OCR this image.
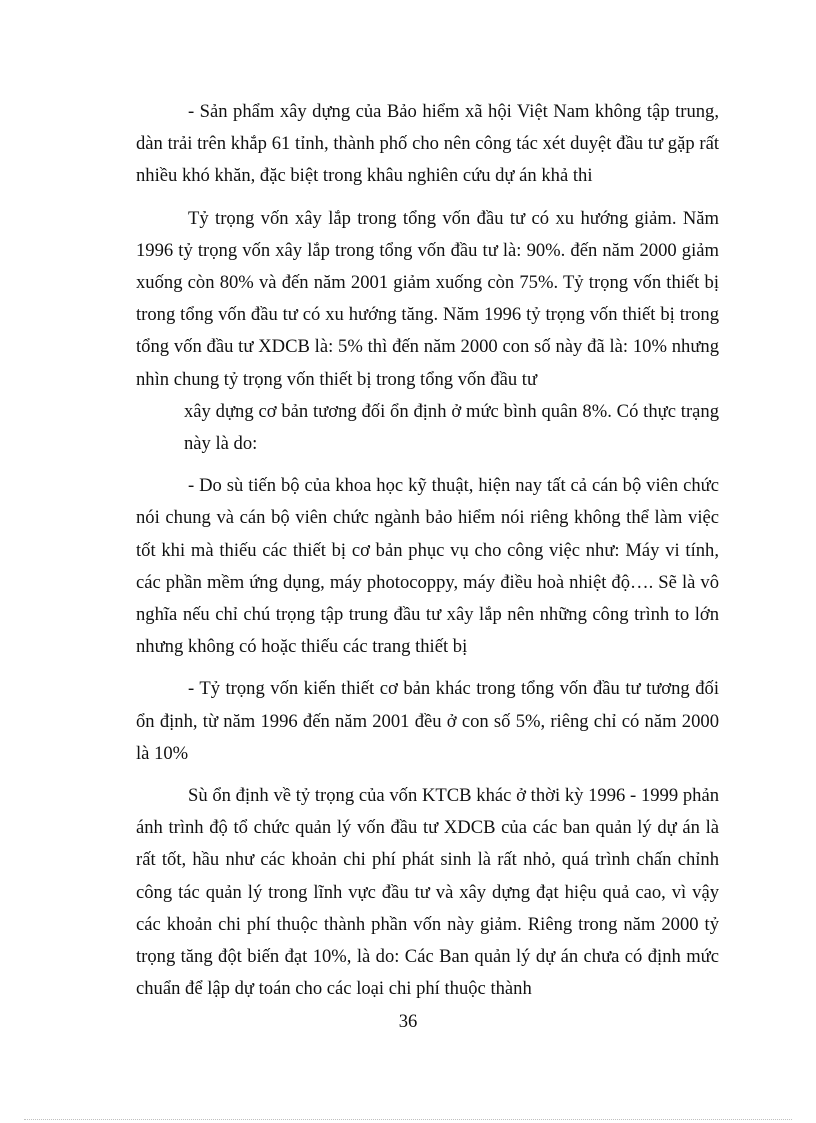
- Sản phẩm xây dựng của Bảo hiểm xã hội Việt Nam không tập trung, dàn trải trên khắp 61 tỉnh, thành phố cho nên công tác xét duyệt đầu tư gặp rất nhiều khó khăn, đặc biệt trong khâu nghiên cứu dự án khả thi

Tỷ trọng vốn xây lắp trong tổng vốn đầu tư có xu hướng giảm. Năm 1996 tỷ trọng vốn xây lắp trong tổng vốn đầu tư là: 90%. đến năm 2000 giảm xuống còn 80% và đến năm 2001 giảm xuống còn 75%. Tỷ trọng vốn thiết bị trong tổng vốn đầu tư có xu hướng tăng. Năm 1996 tỷ trọng vốn thiết bị trong tổng vốn đầu tư XDCB là: 5% thì đến năm 2000 con số này đã là: 10% nhưng nhìn chung tỷ trọng vốn thiết bị trong tổng vốn đầu tư

xây dựng cơ bản tương đối ổn định ở mức bình quân 8%. Có thực trạng này là do:

- Do sù tiến bộ của khoa học kỹ thuật, hiện nay tất cả cán bộ viên chức nói chung và cán bộ viên chức ngành bảo hiểm nói riêng không thể làm việc tốt khi mà thiếu các thiết bị cơ bản phục vụ cho công việc như: Máy vi tính, các phần mềm ứng dụng, máy photocoppy, máy điều hoà nhiệt độ…. Sẽ là vô nghĩa nếu chỉ chú trọng tập trung đầu tư xây lắp nên những công trình to lớn nhưng không có hoặc thiếu các trang thiết bị

- Tỷ trọng vốn kiến thiết cơ bản khác trong tổng vốn đầu tư tương đối ổn định, từ năm 1996 đến năm 2001 đều ở con số 5%, riêng chỉ có năm 2000 là 10%

Sù ổn định về tỷ trọng của vốn KTCB khác ở thời kỳ 1996 - 1999 phản ánh trình độ tổ chức quản lý vốn đầu tư XDCB của các ban quản lý dự án là rất tốt, hầu như các khoản chi phí phát sinh là rất nhỏ, quá trình chấn chỉnh công tác quản lý trong lĩnh vực đầu tư và xây dựng đạt hiệu quả cao, vì vậy các khoản chi phí thuộc thành phần vốn này giảm. Riêng trong năm 2000 tỷ trọng tăng đột biến đạt 10%, là do: Các Ban quản lý dự án chưa có định mức chuẩn để lập dự toán cho các loại chi phí thuộc thành

36
